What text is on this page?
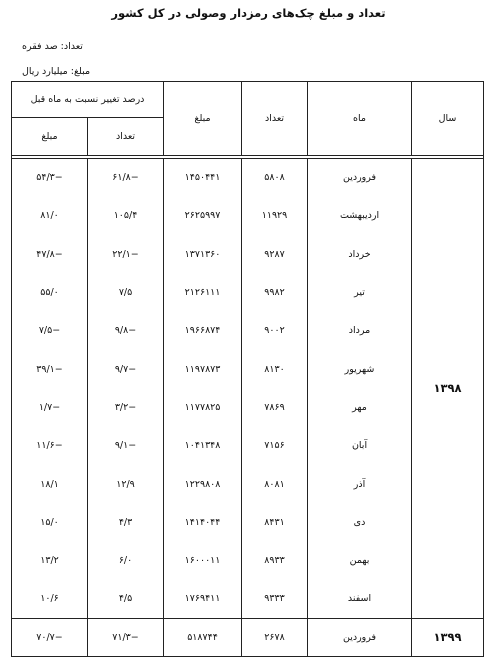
تعداد و مبلغ چک‌های رمزدار وصولی در کل کشور
تعداد: صد فقره
مبلغ: میلیارد ریال
سال	ماه	تعداد	مبلغ	درصد تغییر نسبت به ماه قبل	
				تعداد	مبلغ

۱۳۹۸	فروردین	۵۸۰۸	۱۴۵۰۴۴۱	−۶۱/۸	−۵۴/۳
	اردیبهشت	۱۱۹۲۹	۲۶۲۵۹۹۷	۱۰۵/۴	۸۱/۰
	خرداد	۹۲۸۷	۱۳۷۱۳۶۰	−۲۲/۱	−۴۷/۸
	تیر	۹۹۸۲	۲۱۲۶۱۱۱	۷/۵	۵۵/۰
	مرداد	۹۰۰۲	۱۹۶۶۸۷۴	−۹/۸	−۷/۵
	شهریور	۸۱۳۰	۱۱۹۷۸۷۳	−۹/۷	−۳۹/۱
	مهر	۷۸۶۹	۱۱۷۷۸۲۵	−۳/۲	−۱/۷
	آبان	۷۱۵۶	۱۰۴۱۳۴۸	−۹/۱	−۱۱/۶
	آذر	۸۰۸۱	۱۲۲۹۸۰۸	۱۲/۹	۱۸/۱
	دی	۸۴۳۱	۱۴۱۴۰۴۴	۴/۳	۱۵/۰
	بهمن	۸۹۳۳	۱۶۰۰۰۱۱	۶/۰	۱۳/۲
	اسفند	۹۳۳۳	۱۷۶۹۴۱۱	۴/۵	۱۰/۶
۱۳۹۹	فروردین	۲۶۷۸	۵۱۸۷۴۴	−۷۱/۳	−۷۰/۷
